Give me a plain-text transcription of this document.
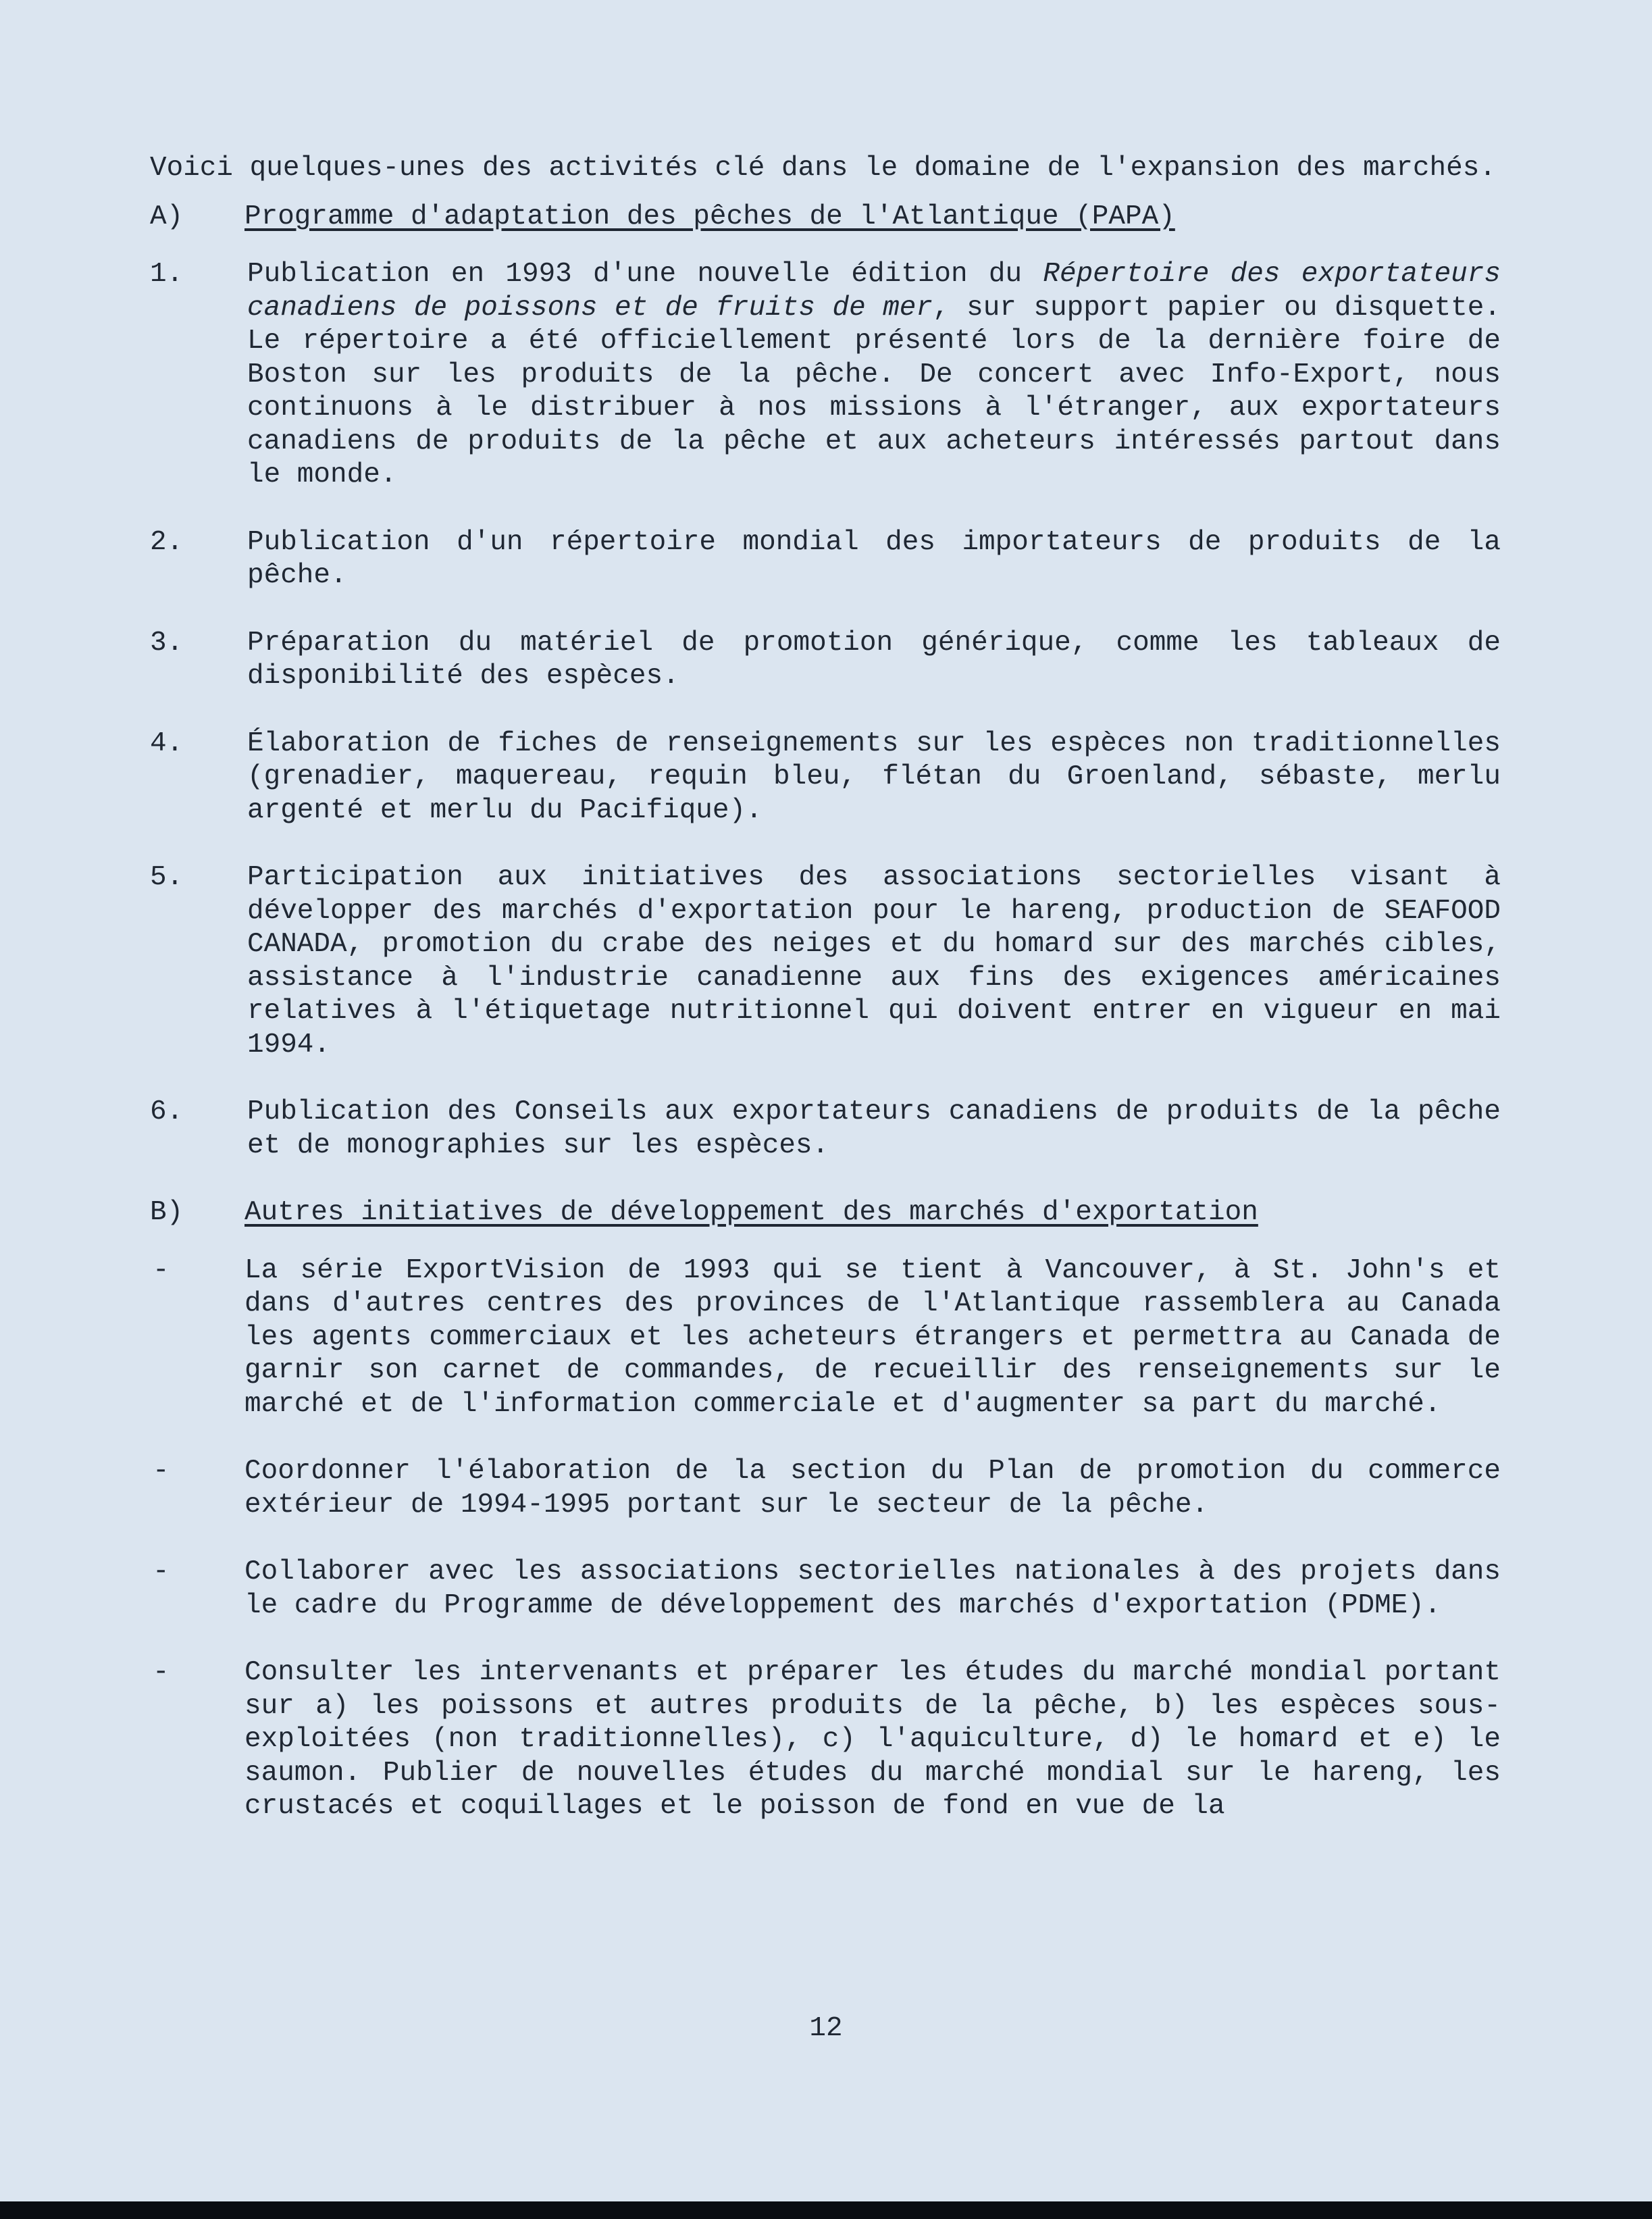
Voici quelques-unes des activités clé dans le domaine de l'expansion des marchés.

A)	Programme d'adaptation des pêches de l'Atlantique (PAPA)
1.	Publication en 1993 d'une nouvelle édition du Répertoire des exportateurs canadiens de poissons et de fruits de mer, sur support papier ou disquette. Le répertoire a été officiellement présenté lors de la dernière foire de Boston sur les produits de la pêche. De concert avec Info-Export, nous continuons à le distribuer à nos missions à l'étranger, aux exportateurs canadiens de produits de la pêche et aux acheteurs intéressés partout dans le monde.
2.	Publication d'un répertoire mondial des importateurs de produits de la pêche.
3.	Préparation du matériel de promotion générique, comme les tableaux de disponibilité des espèces.
4.	Élaboration de fiches de renseignements sur les espèces non traditionnelles (grenadier, maquereau, requin bleu, flétan du Groenland, sébaste, merlu argenté et merlu du Pacifique).
5.	Participation aux initiatives des associations sectorielles visant à développer des marchés d'exportation pour le hareng, production de SEAFOOD CANADA, promotion du crabe des neiges et du homard sur des marchés cibles, assistance à l'industrie canadienne aux fins des exigences américaines relatives à l'étiquetage nutritionnel qui doivent entrer en vigueur en mai 1994.
6.	Publication des Conseils aux exportateurs canadiens de produits de la pêche et de monographies sur les espèces.
B)	Autres initiatives de développement des marchés d'exportation
-	La série ExportVision de 1993 qui se tient à Vancouver, à St. John's et dans d'autres centres des provinces de l'Atlantique rassemblera au Canada les agents commerciaux et les acheteurs étrangers et permettra au Canada de garnir son carnet de commandes, de recueillir des renseignements sur le marché et de l'information commerciale et d'augmenter sa part du marché.
-	Coordonner l'élaboration de la section du Plan de promotion du commerce extérieur de 1994-1995 portant sur le secteur de la pêche.
-	Collaborer avec les associations sectorielles nationales à des projets dans le cadre du Programme de développement des marchés d'exportation (PDME).
-	Consulter les intervenants et préparer les études du marché mondial portant sur a) les poissons et autres produits de la pêche, b) les espèces sous-exploitées (non traditionnelles), c) l'aquiculture, d) le homard et e) le saumon. Publier de nouvelles études du marché mondial sur le hareng, les crustacés et coquillages et le poisson de fond en vue de la
12
